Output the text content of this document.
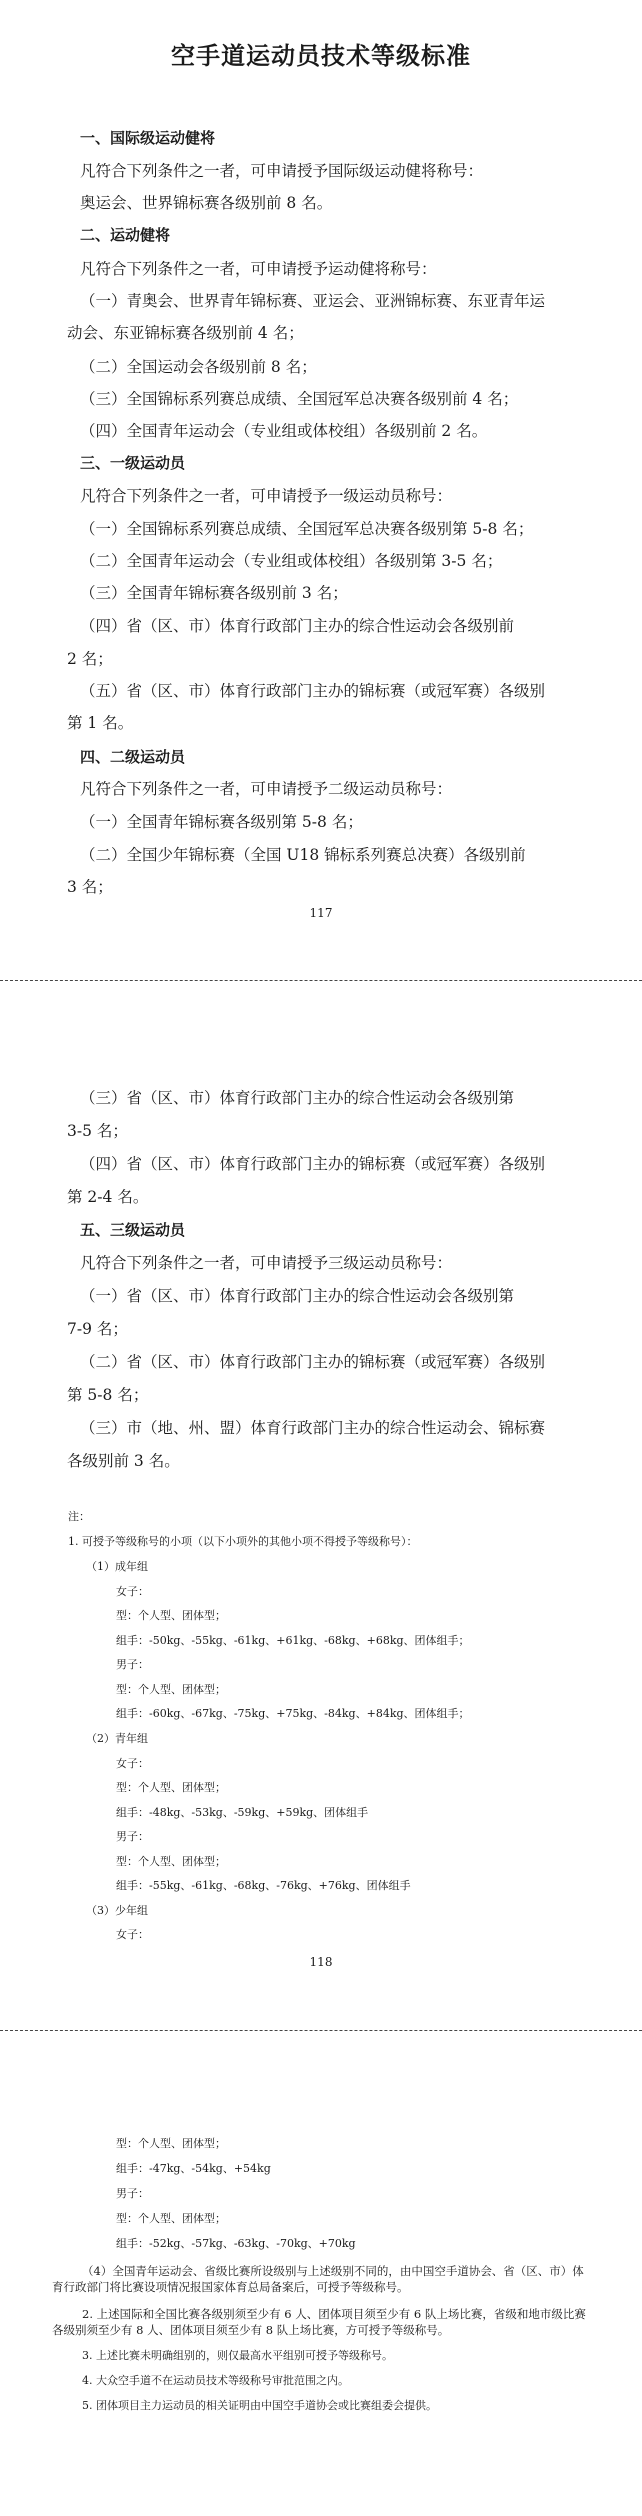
空手道运动员技术等级标准
一、国际级运动健将
凡符合下列条件之一者，可申请授予国际级运动健将称号：
奥运会、世界锦标赛各级别前 8 名。
二、运动健将
凡符合下列条件之一者，可申请授予运动健将称号：
（一）青奥会、世界青年锦标赛、亚运会、亚洲锦标赛、东亚青年运
动会、东亚锦标赛各级别前 4 名；
（二）全国运动会各级别前 8 名；
（三）全国锦标系列赛总成绩、全国冠军总决赛各级别前 4 名；
（四）全国青年运动会（专业组或体校组）各级别前 2 名。
三、一级运动员
凡符合下列条件之一者，可申请授予一级运动员称号：
（一）全国锦标系列赛总成绩、全国冠军总决赛各级别第 5-8 名；
（二）全国青年运动会（专业组或体校组）各级别第 3-5 名；
（三）全国青年锦标赛各级别前 3 名；
（四）省（区、市）体育行政部门主办的综合性运动会各级别前
2 名；
（五）省（区、市）体育行政部门主办的锦标赛（或冠军赛）各级别
第 1 名。
四、二级运动员
凡符合下列条件之一者，可申请授予二级运动员称号：
（一）全国青年锦标赛各级别第 5-8 名；
（二）全国少年锦标赛（全国 U18 锦标系列赛总决赛）各级别前
3 名；
117
（三）省（区、市）体育行政部门主办的综合性运动会各级别第
3-5 名；
（四）省（区、市）体育行政部门主办的锦标赛（或冠军赛）各级别
第 2-4 名。
五、三级运动员
凡符合下列条件之一者，可申请授予三级运动员称号：
（一）省（区、市）体育行政部门主办的综合性运动会各级别第
7-9 名；
（二）省（区、市）体育行政部门主办的锦标赛（或冠军赛）各级别
第 5-8 名；
（三）市（地、州、盟）体育行政部门主办的综合性运动会、锦标赛
各级别前 3 名。
注：
1. 可授予等级称号的小项（以下小项外的其他小项不得授予等级称号）：
（1）成年组
女子：
型：个人型、团体型；
组手：-50kg、-55kg、-61kg、+61kg、-68kg、+68kg、团体组手；
男子：
型：个人型、团体型；
组手：-60kg、-67kg、-75kg、+75kg、-84kg、+84kg、团体组手；
（2）青年组
女子：
型：个人型、团体型；
组手：-48kg、-53kg、-59kg、+59kg、团体组手
男子：
型：个人型、团体型；
组手：-55kg、-61kg、-68kg、-76kg、+76kg、团体组手
（3）少年组
女子：
118
型：个人型、团体型；
组手：-47kg、-54kg、+54kg
男子：
型：个人型、团体型；
组手：-52kg、-57kg、-63kg、-70kg、+70kg
（4）全国青年运动会、省级比赛所设级别与上述级别不同的，由中国空手道协会、省（区、市）体育行政部门将比赛设项情况报国家体育总局备案后，可授予等级称号。
2. 上述国际和全国比赛各级别须至少有 6 人、团体项目须至少有 6 队上场比赛，省级和地市级比赛各级别须至少有 8 人、团体项目须至少有 8 队上场比赛，方可授予等级称号。
3. 上述比赛未明确组别的，则仅最高水平组别可授予等级称号。
4. 大众空手道不在运动员技术等级称号审批范围之内。
5. 团体项目主力运动员的相关证明由中国空手道协会或比赛组委会提供。
